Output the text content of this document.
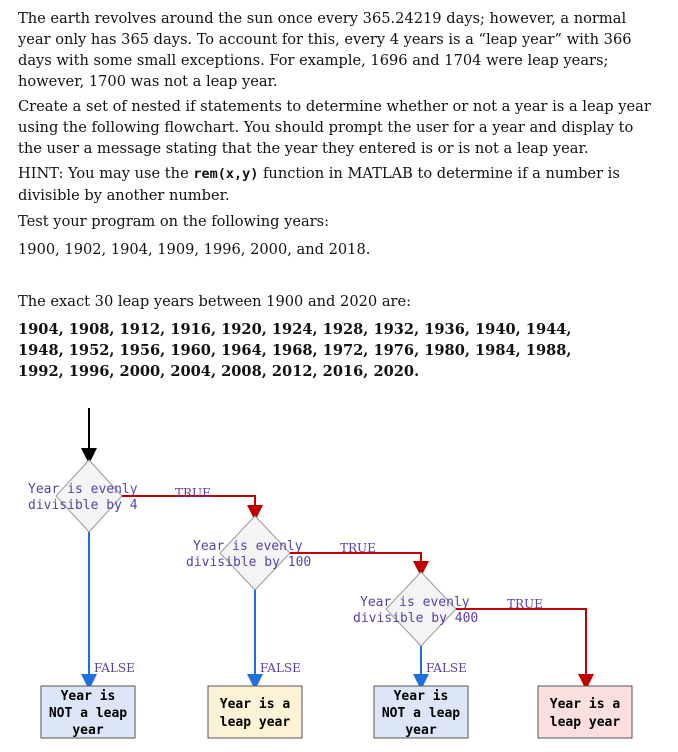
The earth revolves around the sun once every 365.24219 days; however, a normal year only has 365 days. To account for this, every 4 years is a “leap year” with 366 days with some small exceptions. For example, 1696 and 1704 were leap years; however, 1700 was not a leap year.

Create a set of nested if statements to determine whether or not a year is a leap year using the following flowchart. You should prompt the user for a year and display to the user a message stating that the year they entered is or is not a leap year.

HINT: You may use the rem(x,y) function in MATLAB to determine if a number is divisible by another number.

Test your program on the following years:

1900, 1902, 1904, 1909, 1996, 2000, and 2018.

The exact 30 leap years between 1900 and 2020 are:

1904, 1908, 1912, 1916, 1920, 1924, 1928, 1932, 1936, 1940, 1944, 1948, 1952, 1956, 1960, 1964, 1968, 1972, 1976, 1980, 1984, 1988, 1992, 1996, 2000, 2004, 2008, 2012, 2016, 2020.

Year is evenly
divisible by 4
TRUE
FALSE
Year is evenly
divisible by 100
TRUE
FALSE
Year is evenly
divisible by 400
TRUE
FALSE
Year is
NOT a leap
year
Year is a
leap year
Year is
NOT a leap
year
Year is a
leap year
